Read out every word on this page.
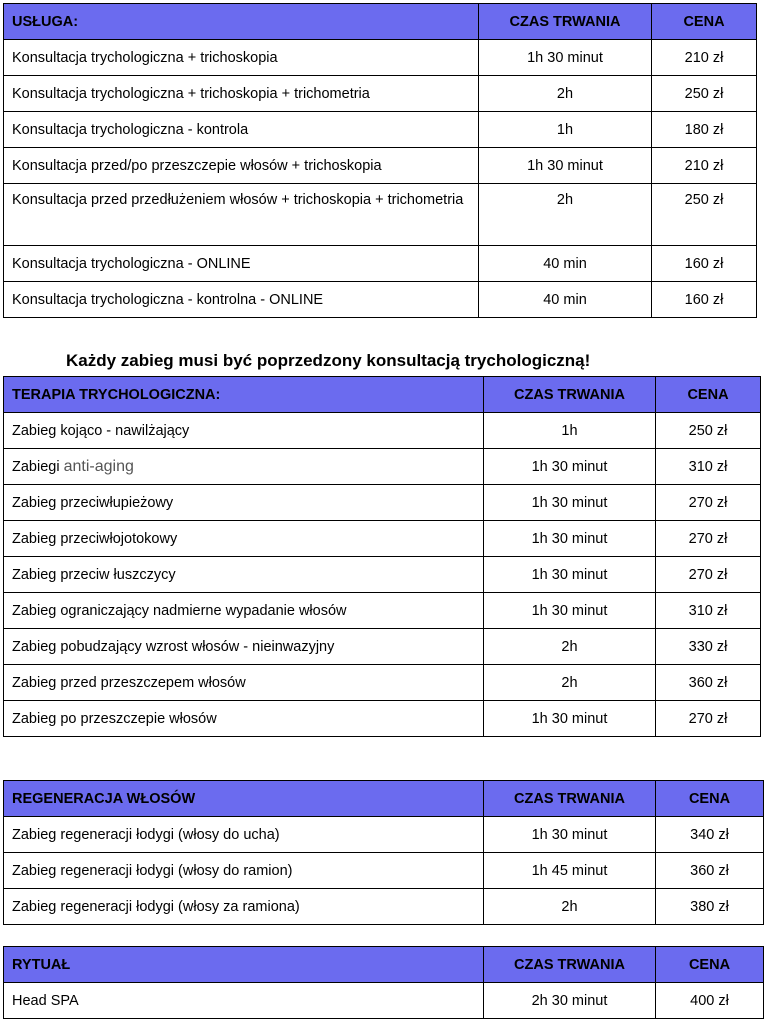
USŁUGA:	CZAS TRWANIA	CENA
Konsultacja trychologiczna + trichoskopia	1h 30 minut	210 zł
Konsultacja trychologiczna + trichoskopia + trichometria	2h	250 zł
Konsultacja trychologiczna - kontrola	1h	180 zł
Konsultacja przed/po przeszczepie włosów + trichoskopia	1h 30 minut	210 zł
Konsultacja przed przedłużeniem włosów + trichoskopia + trichometria	2h	250 zł
Konsultacja trychologiczna - ONLINE	40 min	160 zł
Konsultacja trychologiczna - kontrolna - ONLINE	40 min	160 zł
Każdy zabieg musi być poprzedzony konsultacją trychologiczną!
TERAPIA TRYCHOLOGICZNA:	CZAS TRWANIA	CENA
Zabieg kojąco - nawilżający	1h	250 zł
Zabiegi anti-aging	1h 30 minut	310 zł
Zabieg przeciwłupieżowy	1h 30 minut	270 zł
Zabieg przeciwłojotokowy	1h 30 minut	270 zł
Zabieg przeciw łuszczycy	1h 30 minut	270 zł
Zabieg ograniczający nadmierne wypadanie włosów	1h 30 minut	310 zł
Zabieg pobudzający wzrost włosów - nieinwazyjny	2h	330 zł
Zabieg przed przeszczepem włosów	2h	360 zł
Zabieg po przeszczepie włosów	1h 30 minut	270 zł
REGENERACJA WŁOSÓW	CZAS TRWANIA	CENA
Zabieg regeneracji łodygi (włosy do ucha)	1h 30 minut	340 zł
Zabieg regeneracji łodygi (włosy do ramion)	1h 45 minut	360 zł
Zabieg regeneracji łodygi (włosy za ramiona)	2h	380 zł
RYTUAŁ	CZAS TRWANIA	CENA
Head SPA	2h 30 minut	400 zł
